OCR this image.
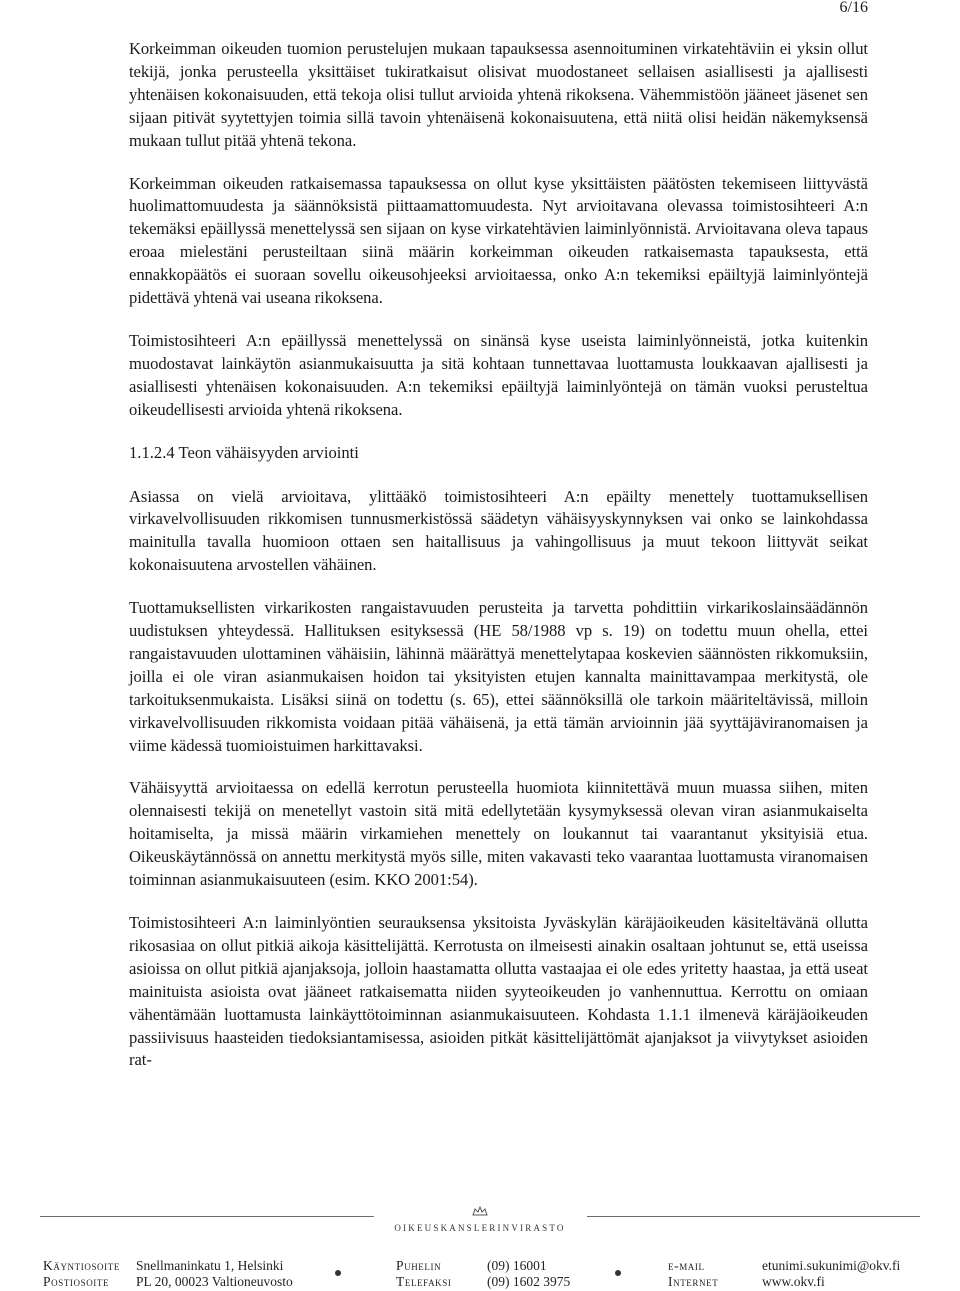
6/16

Korkeimman oikeuden tuomion perustelujen mukaan tapauksessa asennoituminen virkatehtäviin ei yksin ollut tekijä, jonka perusteella yksittäiset tukiratkaisut olisivat muodostaneet sellaisen asiallisesti ja ajallisesti yhtenäisen kokonaisuuden, että tekoja olisi tullut arvioida yhtenä rikoksena. Vähemmistöön jääneet jäsenet sen sijaan pitivät syytettyjen toimia sillä tavoin yhtenäisenä kokonaisuutena, että niitä olisi heidän näkemyksensä mukaan tullut pitää yhtenä tekona.

Korkeimman oikeuden ratkaisemassa tapauksessa on ollut kyse yksittäisten päätösten tekemiseen liittyvästä huolimattomuudesta ja säännöksistä piittaamattomuudesta. Nyt arvioitavana olevassa toimistosihteeri A:n tekemäksi epäillyssä menettelyssä sen sijaan on kyse virkatehtävien laiminlyönnistä. Arvioitavana oleva tapaus eroaa mielestäni perusteiltaan siinä määrin korkeimman oikeuden ratkaisemasta tapauksesta, että ennakkopäätös ei suoraan sovellu oikeusohjeeksi arvioitaessa, onko A:n tekemiksi epäiltyjä laiminlyöntejä pidettävä yhtenä vai useana rikoksena.

Toimistosihteeri A:n epäillyssä menettelyssä on sinänsä kyse useista laiminlyönneistä, jotka kuitenkin muodostavat lainkäytön asianmukaisuutta ja sitä kohtaan tunnettavaa luottamusta loukkaavan ajallisesti ja asiallisesti yhtenäisen kokonaisuuden. A:n tekemiksi epäiltyjä laiminlyöntejä on tämän vuoksi perusteltua oikeudellisesti arvioida yhtenä rikoksena.

1.1.2.4 Teon vähäisyyden arviointi

Asiassa on vielä arvioitava, ylittääkö toimistosihteeri A:n epäilty menettely tuottamuksellisen virkavelvollisuuden rikkomisen tunnusmerkistössä säädetyn vähäisyyskynnyksen vai onko se lainkohdassa mainitulla tavalla huomioon ottaen sen haitallisuus ja vahingollisuus ja muut tekoon liittyvät seikat kokonaisuutena arvostellen vähäinen.

Tuottamuksellisten virkarikosten rangaistavuuden perusteita ja tarvetta pohdittiin virkarikoslainsäädännön uudistuksen yhteydessä. Hallituksen esityksessä (HE 58/1988 vp s. 19) on todettu muun ohella, ettei rangaistavuuden ulottaminen vähäisiin, lähinnä määrättyä menettelytapaa koskevien säännösten rikkomuksiin, joilla ei ole viran asianmukaisen hoidon tai yksityisten etujen kannalta mainittavampaa merkitystä, ole tarkoituksenmukaista. Lisäksi siinä on todettu (s. 65), ettei säännöksillä ole tarkoin määriteltävissä, milloin virkavelvollisuuden rikkomista voidaan pitää vähäisenä, ja että tämän arvioinnin jää syyttäjäviranomaisen ja viime kädessä tuomioistuimen harkittavaksi.

Vähäisyyttä arvioitaessa on edellä kerrotun perusteella huomiota kiinnitettävä muun muassa siihen, miten olennaisesti tekijä on menetellyt vastoin sitä mitä edellytetään kysymyksessä olevan viran asianmukaiselta hoitamiselta, ja missä määrin virkamiehen menettely on loukannut tai vaarantanut yksityisiä etua. Oikeuskäytännössä on annettu merkitystä myös sille, miten vakavasti teko vaarantaa luottamusta viranomaisen toiminnan asianmukaisuuteen (esim. KKO 2001:54).

Toimistosihteeri A:n laiminlyöntien seurauksensa yksitoista Jyväskylän käräjäoikeuden käsiteltävänä ollutta rikosasiaa on ollut pitkiä aikoja käsittelijättä. Kerrotusta on ilmeisesti ainakin osaltaan johtunut se, että useissa asioissa on ollut pitkiä ajanjaksoja, jolloin haastamatta ollutta vastaajaa ei ole edes yritetty haastaa, ja että useat mainituista asioista ovat jääneet ratkaisematta niiden syyteoikeuden jo vanhennuttua. Kerrottu on omiaan vähentämään luottamusta lainkäyttötoiminnan asianmukaisuuteen. Kohdasta 1.1.1 ilmenevä käräjäoikeuden passiivisuus haasteiden tiedoksiantamisessa, asioiden pitkät käsittelijättömät ajanjaksot ja viivytykset asioiden rat-

oikeuskanslerinvirasto
Käyntiosoite Snellmaninkatu 1, Helsinki	Puhelin	(09) 16001	e-mail	etunimi.sukunimi@okv.fi
Postiosoite PL 20, 00023 Valtioneuvosto	Telefaksi	(09) 1602 3975	Internet	www.okv.fi
